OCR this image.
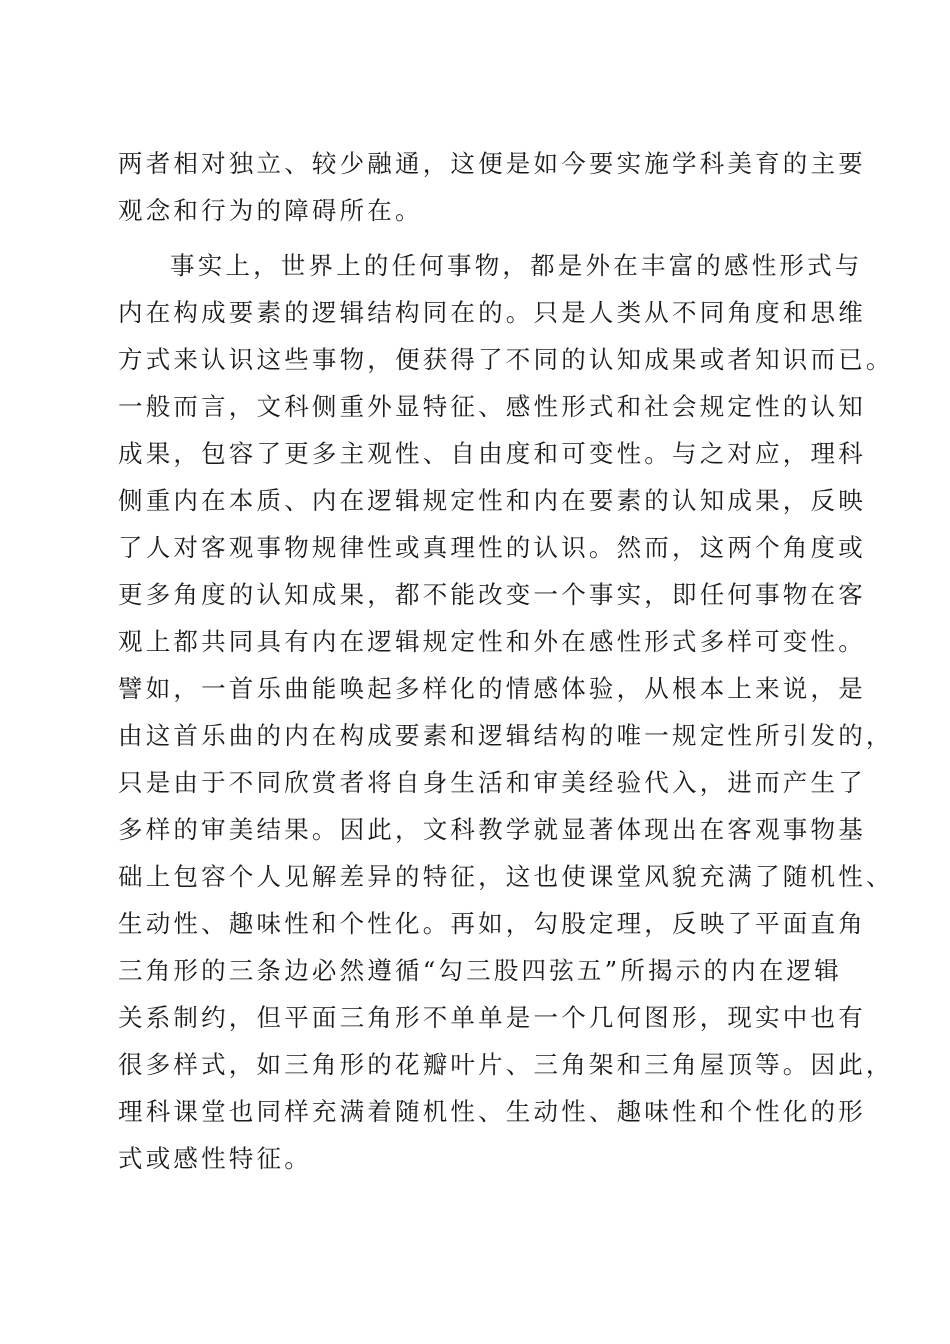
两者相对独立、较少融通，这便是如今要实施学科美育的主要
观念和行为的障碍所在。
事实上，世界上的任何事物，都是外在丰富的感性形式与
内在构成要素的逻辑结构同在的。只是人类从不同角度和思维
方式来认识这些事物，便获得了不同的认知成果或者知识而已。
一般而言，文科侧重外显特征、感性形式和社会规定性的认知
成果，包容了更多主观性、自由度和可变性。与之对应，理科
侧重内在本质、内在逻辑规定性和内在要素的认知成果，反映
了人对客观事物规律性或真理性的认识。然而，这两个角度或
更多角度的认知成果，都不能改变一个事实，即任何事物在客
观上都共同具有内在逻辑规定性和外在感性形式多样可变性。
譬如，一首乐曲能唤起多样化的情感体验，从根本上来说，是
由这首乐曲的内在构成要素和逻辑结构的唯一规定性所引发的，
只是由于不同欣赏者将自身生活和审美经验代入，进而产生了
多样的审美结果。因此，文科教学就显著体现出在客观事物基
础上包容个人见解差异的特征，这也使课堂风貌充满了随机性、
生动性、趣味性和个性化。再如，勾股定理，反映了平面直角
三角形的三条边必然遵循“勾三股四弦五”所揭示的内在逻辑
关系制约，但平面三角形不单单是一个几何图形，现实中也有
很多样式，如三角形的花瓣叶片、三角架和三角屋顶等。因此，
理科课堂也同样充满着随机性、生动性、趣味性和个性化的形
式或感性特征。
